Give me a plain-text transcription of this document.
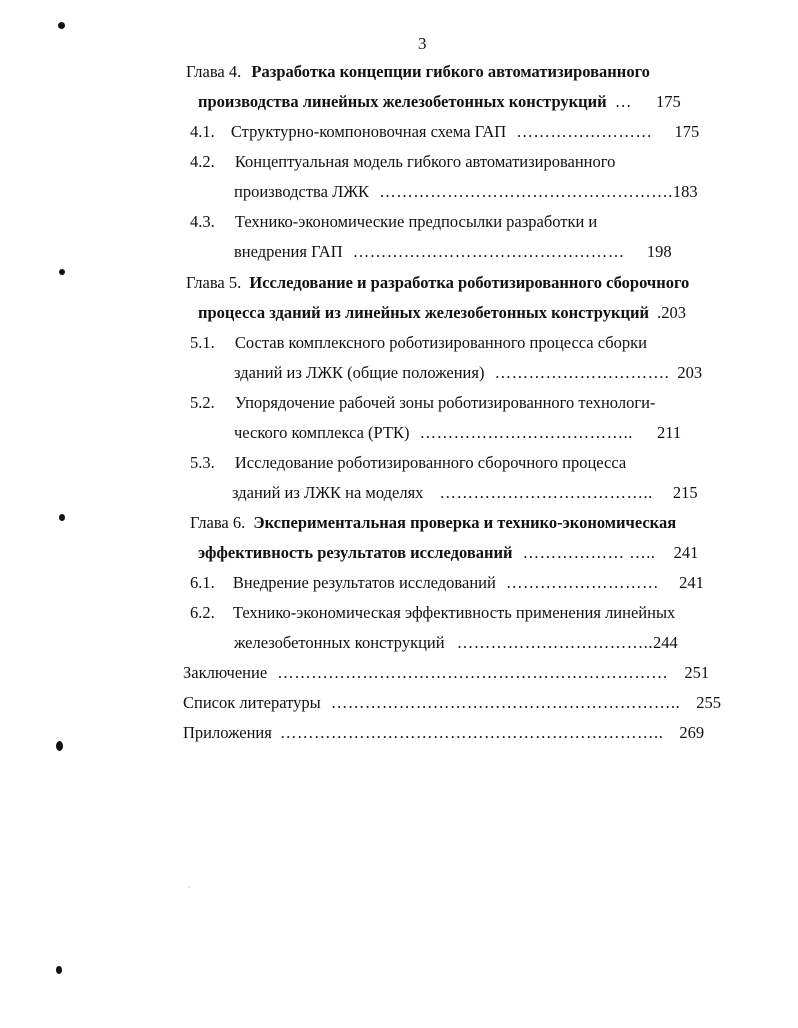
3
Глава 4. Разработка концепции гибкого автоматизированного
производства линейных железобетонных конструкций … 175
4.1. Структурно-компоновочная схема ГАП …………………… 175
4.2. Концептуальная модель гибкого автоматизированного
производства ЛЖК …………………………………………….183
4.3. Технико-экономические предпосылки разработки и
внедрения ГАП ………………………………………… 198
Глава 5. Исследование и разработка роботизированного сборочного
процесса зданий из линейных железобетонных конструкций .203
5.1. Состав комплексного роботизированного процесса сборки
зданий из ЛЖК (общие положения) …………………………. 203
5.2. Упорядочение рабочей зоны роботизированного технологи-
ческого комплекса (РТК) ……………………………….. 211
5.3. Исследование роботизированного сборочного процесса
зданий из ЛЖК на моделях ……………………………….. 215
Глава 6. Экспериментальная проверка и технико-экономическая
эффективность результатов исследований ……………… ….. 241
6.1. Внедрение результатов исследований ……………………… 241
6.2. Технико-экономическая эффективность применения линейных
железобетонных конструкций ……………………………..244
Заключение …………………………………………………………… 251
Список литературы …………………………………………………….. 255
Приложения ………………………………………………………….. 269
